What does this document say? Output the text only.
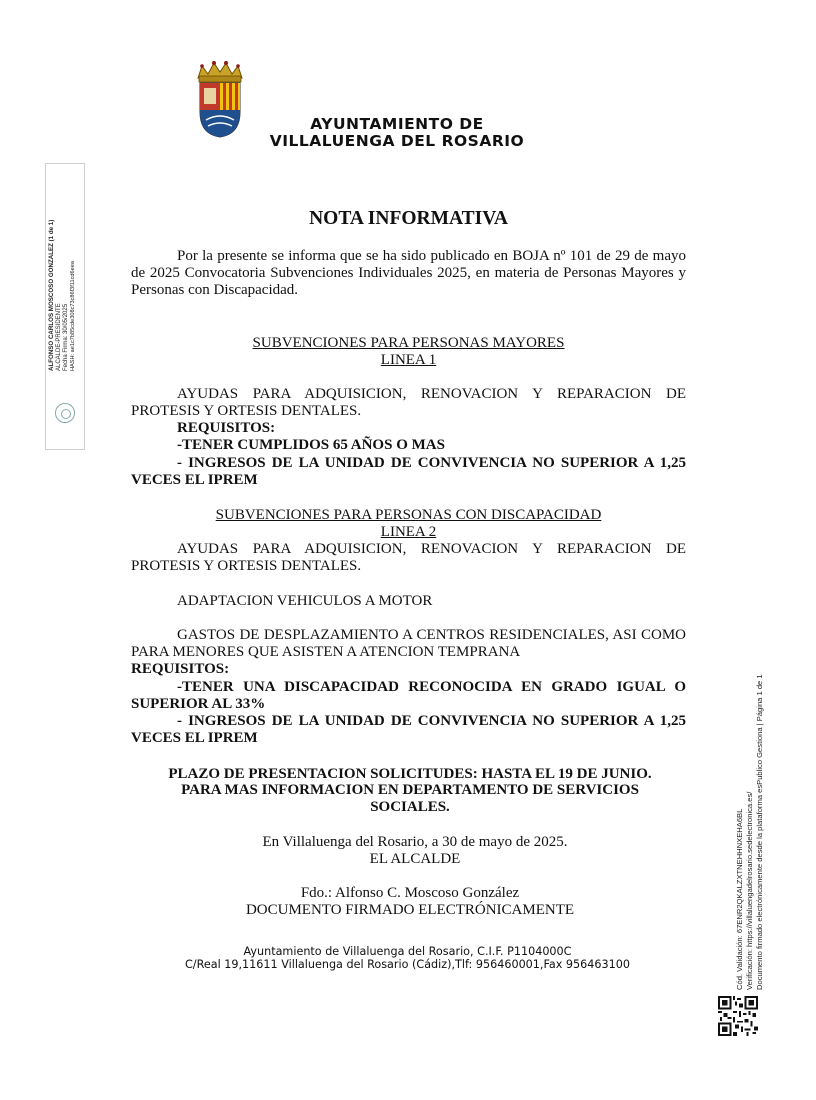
AYUNTAMIENTO DE
VILLALUENGA DEL ROSARIO
ALFONSO CARLOS MOSCOSO GONZALEZ (1 de 1) ALCALDE-PRESIDENTE Fecha Firma: 30/05/2025 HASH: ae1c7b85cde308c73c86f3f11cd6eea
NOTA INFORMATIVA
Por la presente se informa que se ha sido publicado en BOJA nº 101 de 29 de mayo de 2025 Convocatoria Subvenciones Individuales 2025, en materia de Personas Mayores y Personas con Discapacidad.
SUBVENCIONES PARA PERSONAS MAYORES
LINEA 1
AYUDAS PARA ADQUISICION, RENOVACION Y REPARACION DE PROTESIS Y ORTESIS DENTALES.
REQUISITOS:
-TENER CUMPLIDOS 65 AÑOS O MAS
- INGRESOS DE LA UNIDAD DE CONVIVENCIA NO SUPERIOR A 1,25 VECES EL IPREM
SUBVENCIONES PARA PERSONAS CON DISCAPACIDAD
LINEA 2
AYUDAS PARA ADQUISICION, RENOVACION Y REPARACION DE PROTESIS Y ORTESIS DENTALES.
ADAPTACION VEHICULOS A MOTOR
GASTOS DE DESPLAZAMIENTO A CENTROS RESIDENCIALES, ASI COMO PARA MENORES QUE ASISTEN A ATENCION TEMPRANA
REQUISITOS:
-TENER UNA DISCAPACIDAD RECONOCIDA EN GRADO IGUAL O SUPERIOR AL 33%
- INGRESOS DE LA UNIDAD DE CONVIVENCIA NO SUPERIOR A 1,25 VECES EL IPREM
PLAZO DE PRESENTACION SOLICITUDES: HASTA EL 19 DE JUNIO.
PARA MAS INFORMACION EN DEPARTAMENTO DE SERVICIOS SOCIALES.
En Villaluenga del Rosario, a 30 de mayo de 2025.
EL ALCALDE
Fdo.: Alfonso C. Moscoso González
DOCUMENTO FIRMADO ELECTRÓNICAMENTE
Ayuntamiento de Villaluenga del Rosario, C.I.F. P1104000C
C/Real 19,11611 Villaluenga del Rosario (Cádiz),Tlf: 956460001,Fax 956463100	Cód. Validación: 67ENR2QKALZXTNEHHNXEHA6BL Verificación: https://villaluengadelrosario.sedelectronica.es/ Documento firmado electrónicamente desde la plataforma esPublico Gestiona | Página 1 de 1
